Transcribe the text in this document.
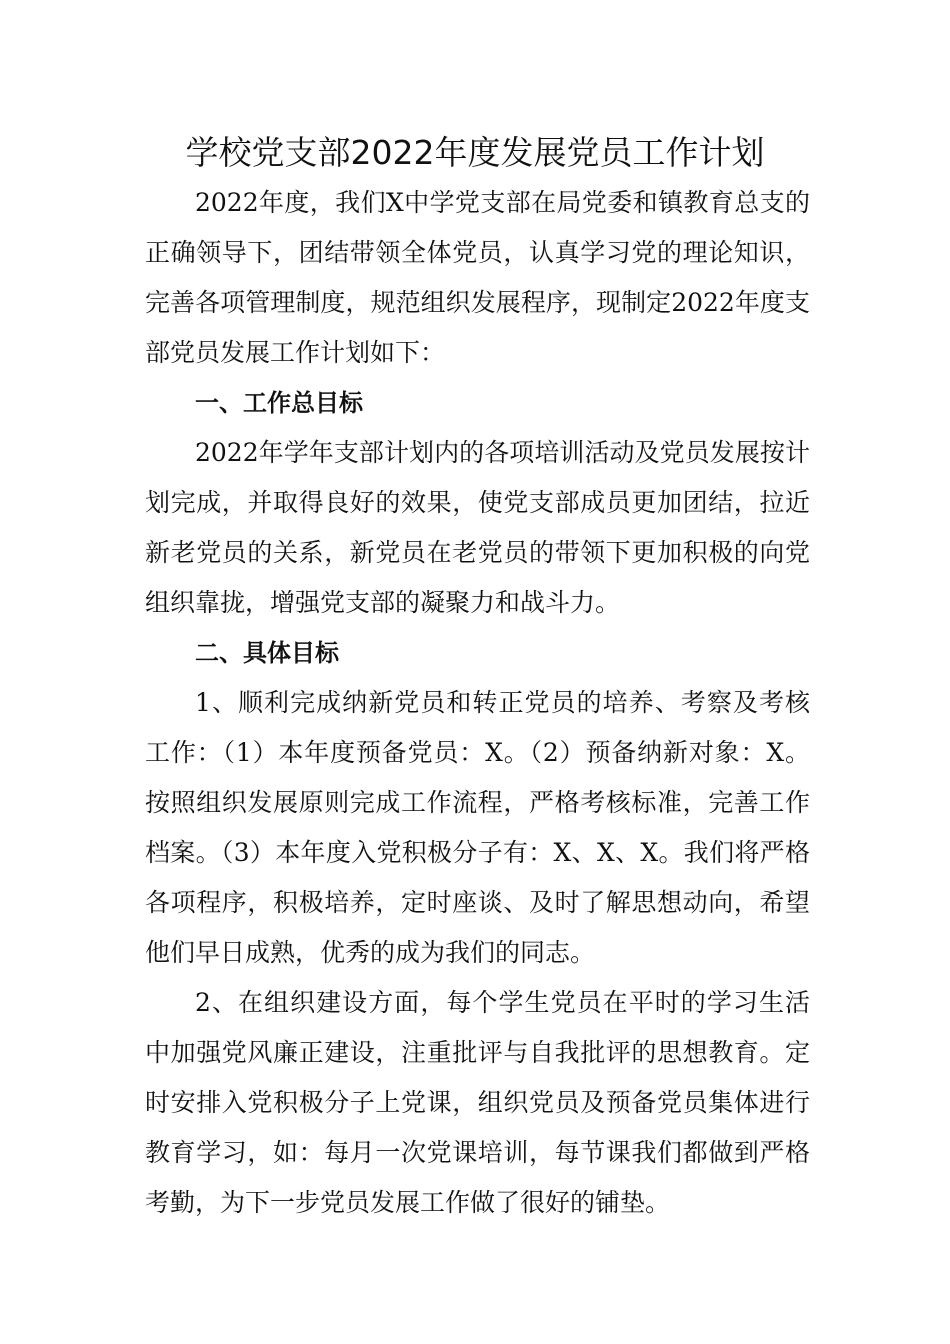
学校党支部2022年度发展党员工作计划

2022年度，我们X中学党支部在局党委和镇教育总支的正确领导下，团结带领全体党员，认真学习党的理论知识，完善各项管理制度，规范组织发展程序，现制定2022年度支部党员发展工作计划如下：

一、工作总目标

2022年学年支部计划内的各项培训活动及党员发展按计划完成，并取得良好的效果，使党支部成员更加团结，拉近新老党员的关系，新党员在老党员的带领下更加积极的向党组织靠拢，增强党支部的凝聚力和战斗力。

二、具体目标

1、顺利完成纳新党员和转正党员的培养、考察及考核工作：（1）本年度预备党员：X。（2）预备纳新对象：X。按照组织发展原则完成工作流程，严格考核标准，完善工作档案。（3）本年度入党积极分子有：X、X、X。我们将严格各项程序，积极培养，定时座谈、及时了解思想动向，希望他们早日成熟，优秀的成为我们的同志。

2、在组织建设方面，每个学生党员在平时的学习生活中加强党风廉正建设，注重批评与自我批评的思想教育。定时安排入党积极分子上党课，组织党员及预备党员集体进行教育学习，如：每月一次党课培训，每节课我们都做到严格考勤，为下一步党员发展工作做了很好的铺垫。
